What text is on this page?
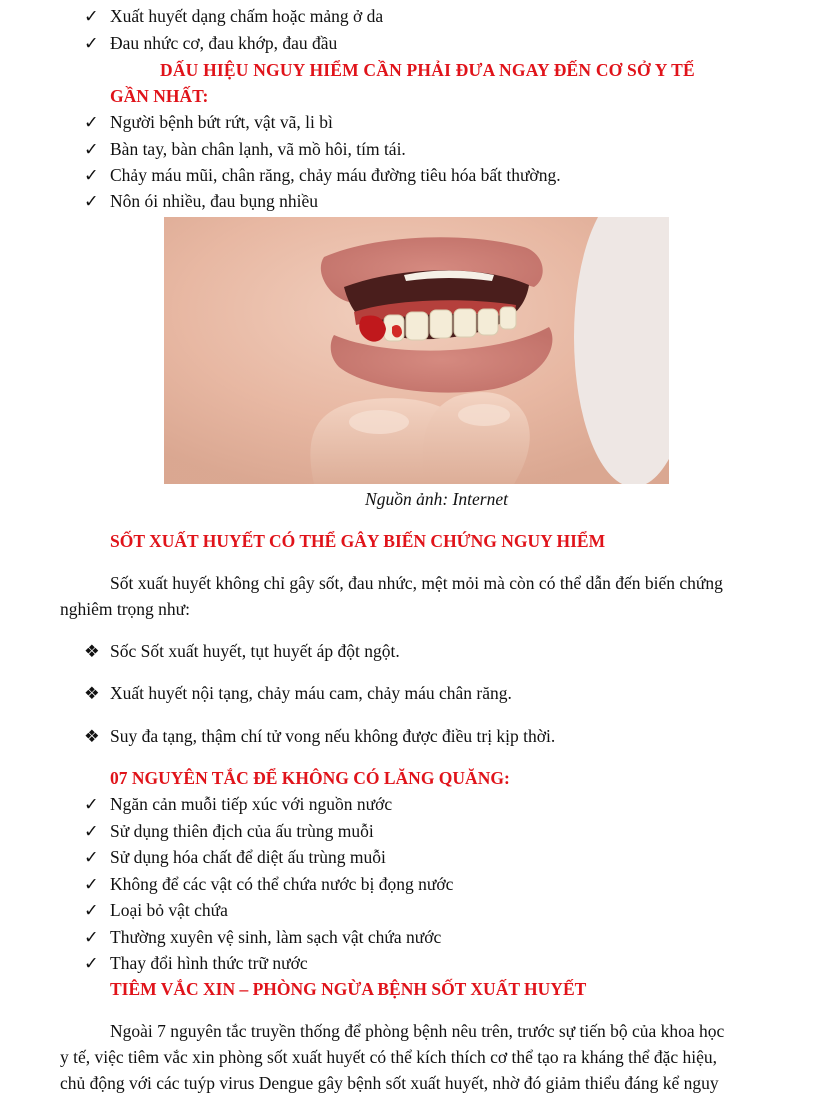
✓ Xuất huyết dạng chấm hoặc mảng ở da
✓ Đau nhức cơ, đau khớp, đau đầu
DẤU HIỆU NGUY HIỂM CẦN PHẢI ĐƯA NGAY ĐẾN CƠ SỞ Y TẾ
GẦN NHẤT:
✓ Người bệnh bứt rứt, vật vã, li bì
✓ Bàn tay, bàn chân lạnh, vã mồ hôi, tím tái.
✓ Chảy máu mũi, chân răng, chảy máu đường tiêu hóa bất thường.
✓ Nôn ói nhiều, đau bụng nhiều
Nguồn ảnh: Internet
SỐT XUẤT HUYẾT CÓ THỂ GÂY BIẾN CHỨNG NGUY HIỂM
Sốt xuất huyết không chỉ gây sốt, đau nhức, mệt mỏi mà còn có thể dẫn đến biến chứng
nghiêm trọng như:
❖ Sốc Sốt xuất huyết, tụt huyết áp đột ngột.
❖ Xuất huyết nội tạng, chảy máu cam, chảy máu chân răng.
❖ Suy đa tạng, thậm chí tử vong nếu không được điều trị kịp thời.
07 NGUYÊN TẮC ĐỂ KHÔNG CÓ LĂNG QUĂNG:
✓ Ngăn cản muỗi tiếp xúc với nguồn nước
✓ Sử dụng thiên địch của ấu trùng muỗi
✓ Sử dụng hóa chất để diệt ấu trùng muỗi
✓ Không để các vật có thể chứa nước bị đọng nước
✓ Loại bỏ vật chứa
✓ Thường xuyên vệ sinh, làm sạch vật chứa nước
✓ Thay đổi hình thức trữ nước
TIÊM VẮC XIN – PHÒNG NGỪA BỆNH SỐT XUẤT HUYẾT
Ngoài 7 nguyên tắc truyền thống để phòng bệnh nêu trên, trước sự tiến bộ của khoa học
y tế, việc tiêm vắc xin phòng sốt xuất huyết có thể kích thích cơ thể tạo ra kháng thể đặc hiệu,
chủ động với các tuýp virus Dengue gây bệnh sốt xuất huyết, nhờ đó giảm thiểu đáng kể nguy
